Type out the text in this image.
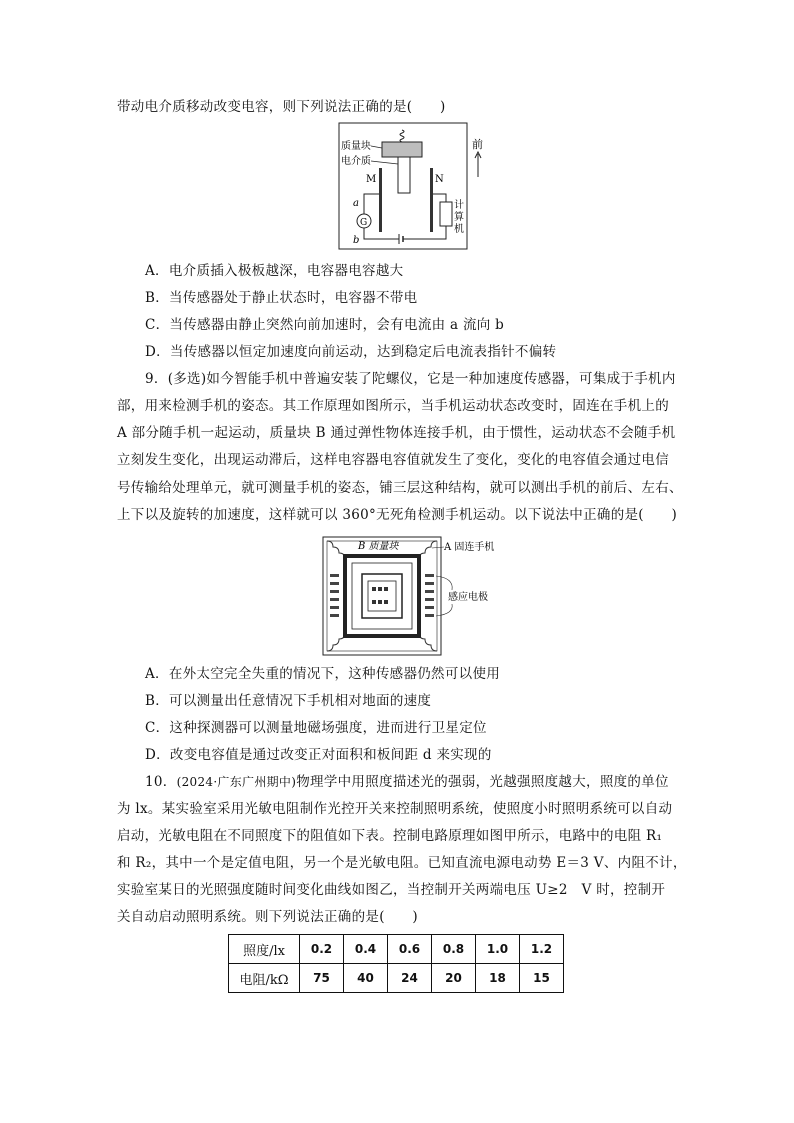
带动电介质移动改变电容，则下列说法正确的是(　　)
质量块
电介质
M	N
G
a
b
计
算
机
前
A．电介质插入极板越深，电容器电容越大
B．当传感器处于静止状态时，电容器不带电
C．当传感器由静止突然向前加速时，会有电流由 a 流向 b
D．当传感器以恒定加速度向前运动，达到稳定后电流表指针不偏转
9．(多选)如今智能手机中普遍安装了陀螺仪，它是一种加速度传感器，可集成于手机内
部，用来检测手机的姿态。其工作原理如图所示，当手机运动状态改变时，固连在手机上的
A 部分随手机一起运动，质量块 B 通过弹性物体连接手机，由于惯性，运动状态不会随手机
立刻发生变化，出现运动滞后，这样电容器电容值就发生了变化，变化的电容值会通过电信
号传输给处理单元，就可测量手机的姿态，铺三层这种结构，就可以测出手机的前后、左右、
上下以及旋转的加速度，这样就可以 360°无死角检测手机运动。以下说法中正确的是(　　)
B 质量块	A 固连手机
感应电极
A．在外太空完全失重的情况下，这种传感器仍然可以使用
B．可以测量出任意情况下手机相对地面的速度
C．这种探测器可以测量地磁场强度，进而进行卫星定位
D．改变电容值是通过改变正对面积和板间距 d 来实现的
10．(2024·广东广州期中)物理学中用照度描述光的强弱，光越强照度越大，照度的单位
为 lx。某实验室采用光敏电阻制作光控开关来控制照明系统，使照度小时照明系统可以自动
启动，光敏电阻在不同照度下的阻值如下表。控制电路原理如图甲所示，电路中的电阻 R₁
和 R₂，其中一个是定值电阻，另一个是光敏电阻。已知直流电源电动势 E＝3 V、内阻不计，
实验室某日的光照强度随时间变化曲线如图乙，当控制开关两端电压 U≥2　V 时，控制开
关自动启动照明系统。则下列说法正确的是(　　)
照度/lx	0.2	0.4	0.6	0.8	1.0	1.2
电阻/kΩ	75	40	24	20	18	15
